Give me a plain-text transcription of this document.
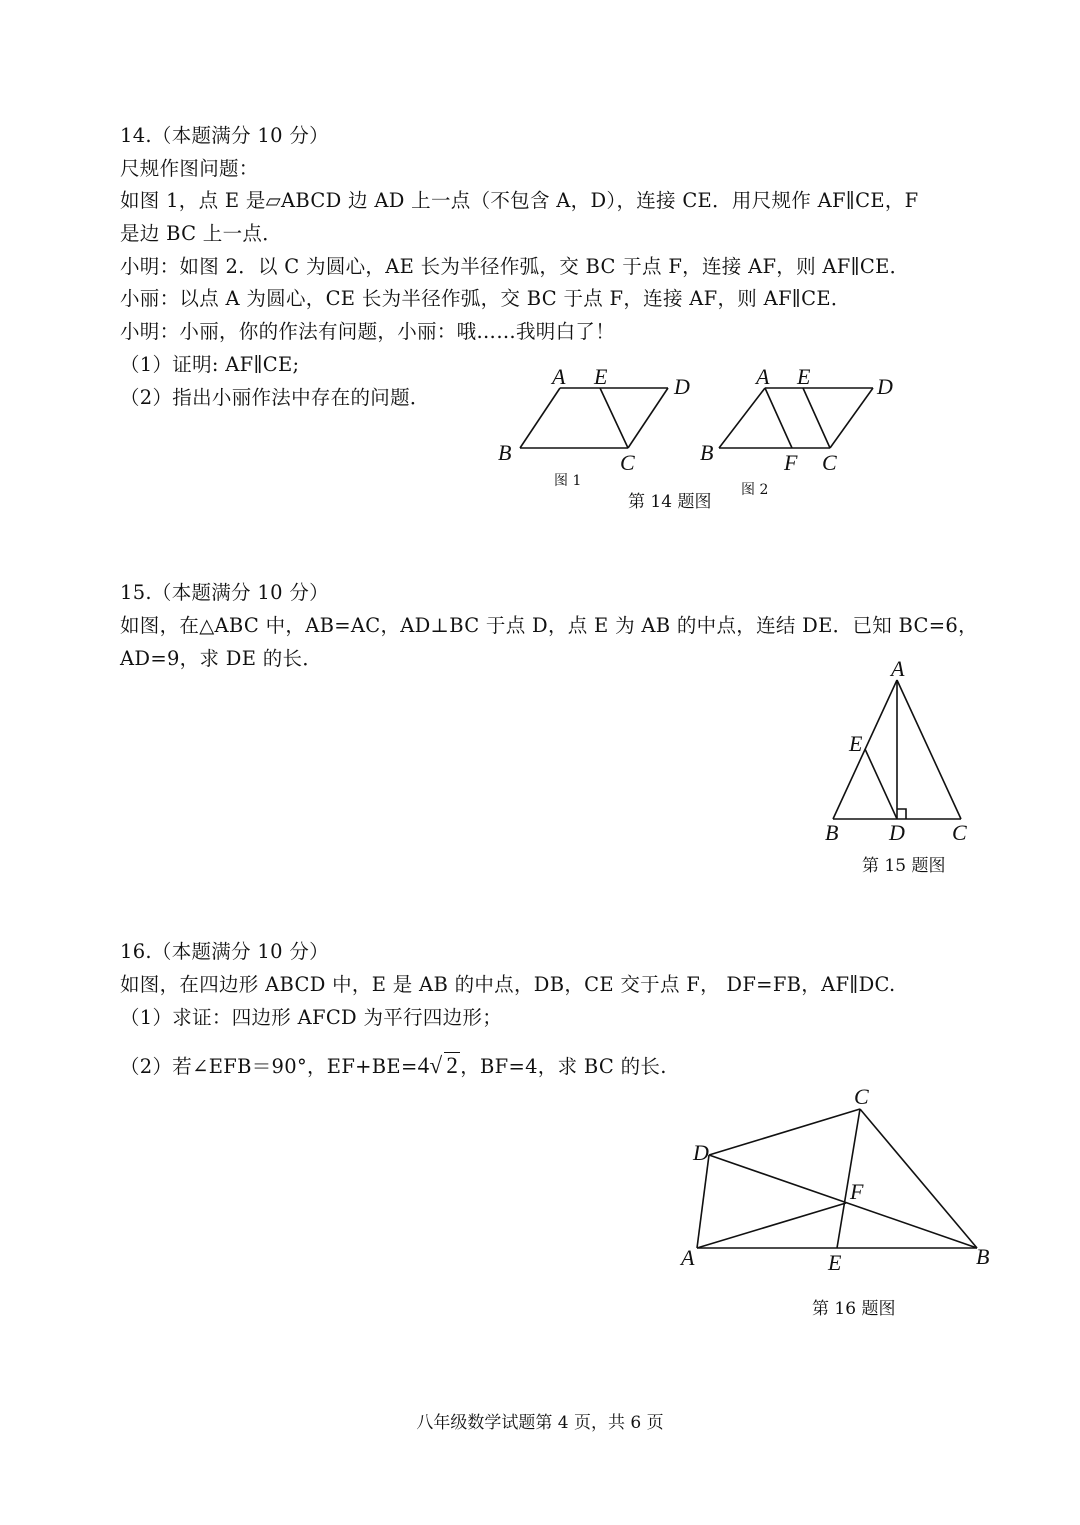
14.（本题满分 10 分）
尺规作图问题：
如图 1，点 E 是▱ABCD 边 AD 上一点（不包含 A，D），连接 CE．用尺规作 AF∥CE，F
是边 BC 上一点．
小明：如图 2．以 C 为圆心，AE 长为半径作弧，交 BC 于点 F，连接 AF，则 AF∥CE．
小丽：以点 A 为圆心，CE 长为半径作弧，交 BC 于点 F，连接 AF，则 AF∥CE．
小明：小丽，你的作法有问题，小丽：哦……我明白了！
（1）证明: AF∥CE;
（2）指出小丽作法中存在的问题．
A E	D
B	C
图 1
A E	D
B	F C
图 2
第 14 题图
15.（本题满分 10 分）
如图，在△ABC 中，AB=AC，AD⊥BC 于点 D，点 E 为 AB 的中点，连结 DE．已知 BC=6，
AD=9，求 DE 的长．	A
E
B D C
第 15 题图
16.（本题满分 10 分）
如图，在四边形 ABCD 中，E 是 AB 的中点，DB，CE 交于点 F， DF=FB，AF∥DC.
（1）求证：四边形 AFCD 为平行四边形；
（2）若∠EFB＝90°，EF+BE=4√ 2 ，BF=4，求 BC 的长.
C
D
F
A	E	B
第 16 题图
八年级数学试题第 4 页，共 6 页
